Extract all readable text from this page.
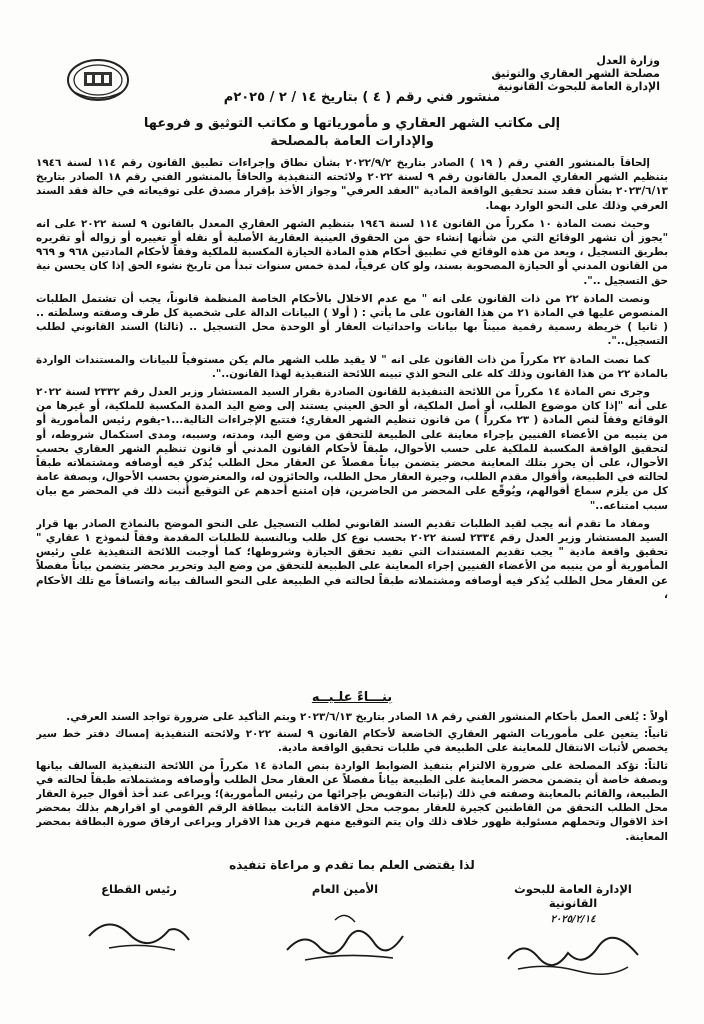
وزارة العدل
مصلحة الشهر العقاري والتوثيق
الإدارة العامة للبحوث القانونية
منشور فني رقم ( ٤ ) بتاريخ ١٤ / ٢ / ٢٠٢٥م
إلى مكاتب الشهر العقاري و مأمورياتها و مكاتب التوثيق و فروعها
والإدارات العامة بالمصلحة

إلحاقاً بالمنشور الفني رقم ( ١٩ ) الصادر بتاريخ ٢٠٢٢/٩/٢ بشأن نطاق وإجراءات تطبيق القانون رقم ١١٤ لسنة ١٩٤٦ بتنظيم الشهر العقاري المعدل بالقانون رقم ٩ لسنة ٢٠٢٢ ولائحته التنفيذية والحاقاً بالمنشور الفني رقم ١٨ الصادر بتاريخ ٢٠٢٣/٦/١٣ بشأن فقد سند تحقيق الواقعة المادية "العقد العرفي" وجواز الأخذ بإقرار مصدق على توقيعاته في حالة فقد السند العرفي وذلك على النحو الوارد بهما.

وحيث نصت المادة ١٠ مكرراً من القانون ١١٤ لسنة ١٩٤٦ بتنظيم الشهر العقاري المعدل بالقانون ٩ لسنة ٢٠٢٢ على انه "يجوز أن تشهر الوقائع التي من شأنها إنشاء حق من الحقوق العينية العقارية الأصلية أو نقله أو تغييره أو زواله أو تقريره بطريق التسجيل ، ويعد من هذه الوقائع في تطبيق أحكام هذه المادة الحيازة المكسبة للملكية وفقاً لأحكام المادتين ٩٦٨ و ٩٦٩ من القانون المدني أو الحيازة المصحوبة بسند، ولو كان عرفياً، لمدة خمس سنوات تبدأ من تاريخ نشوء الحق إذا كان يحسن نية حق التسجيل ..".

ونصت المادة ٢٢ من ذات القانون على انه " مع عدم الاخلال بالأحكام الخاصة المنظمة قانوناً، يجب أن تشتمل الطلبات المنصوص عليها في المادة ٢١ من هذا القانون على ما يأتي : ( أولا ) البيانات الدالة على شخصية كل طرف وصفته وسلطته .. ( ثانيا ) خريطة رسمية رقمية مبيناً بها بيانات واحداثيات العقار أو الوحدة محل التسجيل .. (ثالثا) السند القانوني لطلب التسجيل..".

كما نصت المادة ٢٢ مكرراً من ذات القانون على انه " لا يقيد طلب الشهر مالم يكن مستوفياً للبيانات والمستندات الواردة بالمادة ٢٢ من هذا القانون وذلك كله على النحو الذي تبينه اللائحة التنفيذية لهذا القانون..".

وجرى نص المادة ١٤ مكرراً من اللائحة التنفيذية للقانون الصادرة بقرار السيد المستشار وزير العدل رقم ٢٣٣٢ لسنة ٢٠٢٢ على أنه "إذا كان موضوع الطلب، أو أصل الملكية، أو الحق العيني يستند إلى وضع اليد المدة المكسبة للملكية، أو غيرها من الوقائع وفقاً لنص المادة ( ٢٣ مكرراً ) من قانون تنظيم الشهر العقاري؛ فتتبع الإجراءات التالية...١-يقوم رئيس المأمورية أو من ينيبه من الأعضاء الفنيين بإجراء معاينة على الطبيعة للتحقق من وضع اليد، ومدته، وسببه، ومدى استكمال شروطه، أو لتحقيق الواقعة المكسبة للملكية على حسب الأحوال، طبقاً لأحكام القانون المدني أو قانون تنظيم الشهر العقاري بحسب الأحوال، على أن يحرر بتلك المعاينة محضر يتضمن بياناً مفصلاً عن العقار محل الطلب يُذكر فيه أوصافه ومشتملاته طبقاً لحالته في الطبيعة، وأقوال مقدم الطلب، وجيرة العقار محل الطلب، والحائزون له، والمعترضون بحسب الأحوال، وبصفة عامة كل من يلزم سماع أقوالهم، ويُوقّع على المحضر من الحاضرين، فإن امتنع أحدهم عن التوقيع أُثبت ذلك في المحضر مع بيان سبب امتناعه.."

ومفاد ما تقدم أنه يجب لقيد الطلبات تقديم السند القانوني لطلب التسجيل على النحو الموضح بالنماذج الصادر بها قرار السيد المستشار وزير العدل رقم ٢٣٣٤ لسنة ٢٠٢٢ بحسب نوع كل طلب وبالنسبة للطلبات المقدمة وفقاً لنموذج ١ عقاري " تحقيق واقعة مادية " يجب تقديم المستندات التي تفيد تحقق الحيازة وشروطها؛ كما أوجبت اللائحة التنفيذية على رئيس المأمورية أو من ينيبه من الأعضاء الفنيين إجراء المعاينة على الطبيعة للتحقق من وضع اليد وتحرير محضر يتضمن بياناً مفصلاً عن العقار محل الطلب يُذكر فيه أوصافه ومشتملاته طبقاً لحالته في الطبيعة على النحو السالف بيانه واتساقاً مع تلك الأحكام ،

بنـــاءً علـيــه

أولاً : يُلغى العمل بأحكام المنشور الفني رقم ١٨ الصادر بتاريخ ٢٠٢٣/٦/١٣ وبتم التأكيد على ضرورة تواجد السند العرفي.

ثانياً: يتعين على مأموريات الشهر العقاري الخاضعة لأحكام القانون ٩ لسنة ٢٠٢٢ ولائحته التنفيذية إمساك دفتر خط سير يخصص لأثبات الانتقال للمعاينة على الطبيعة في طلبات تحقيق الواقعة مادية.

ثالثاً: تؤكد المصلحة على ضرورة الالتزام بتنفيذ الضوابط الواردة بنص المادة ١٤ مكرراً من اللائحة التنفيذية السالف بيانها وبصفة خاصة أن يتضمن محضر المعاينة على الطبيعة بياناً مفصلاً عن العقار محل الطلب وأوصافه ومشتملاته طبقاً لحالته في الطبيعة، والقائم بالمعاينة وصفته في ذلك (بإثبات التفويض بإجرائها من رئيس المأمورية)؛ ويراعى عند أخذ أقوال جيرة العقار محل الطلب التحقق من القاطنين كجيرة للعقار بموجب محل الاقامة الثابت ببطاقة الرقم القومي او اقرارهم بذلك بمحضر اخذ الاقوال وتحملهم مسئولية ظهور خلاف ذلك وان يتم التوقيع منهم قرين هذا الاقرار ويراعى ارفاق صورة البطاقة بمحضر المعاينة.

لذا يقتضى العلم بما تقدم و مراعاة تنفيذه
الإدارة العامة للبحوث القانونية
٢٠٢٥/٢/١٤
الأمين العام
رئيس القطاع
